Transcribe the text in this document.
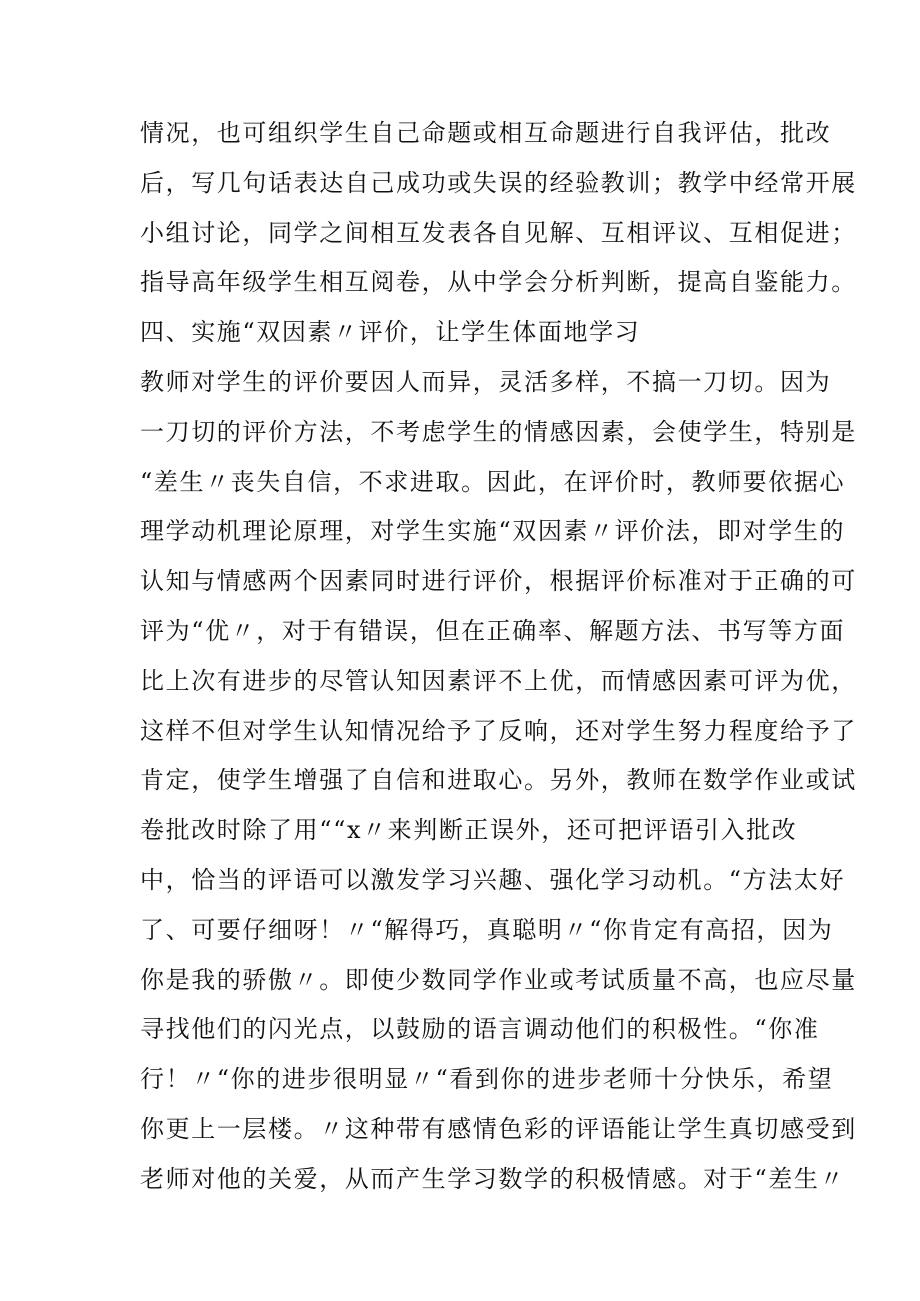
情况，也可组织学生自己命题或相互命题进行自我评估，批改
后，写几句话表达自己成功或失误的经验教训；教学中经常开展
小组讨论，同学之间相互发表各自见解、互相评议、互相促进；
指导高年级学生相互阅卷，从中学会分析判断，提高自鉴能力。
四、实施“双因素〃评价，让学生体面地学习
教师对学生的评价要因人而异，灵活多样，不搞一刀切。因为
一刀切的评价方法，不考虑学生的情感因素，会使学生，特别是
“差生〃丧失自信，不求进取。因此，在评价时，教师要依据心
理学动机理论原理，对学生实施“双因素〃评价法，即对学生的
认知与情感两个因素同时进行评价，根据评价标准对于正确的可
评为“优〃，对于有错误，但在正确率、解题方法、书写等方面
比上次有进步的尽管认知因素评不上优，而情感因素可评为优，
这样不但对学生认知情况给予了反响，还对学生努力程度给予了
肯定，使学生增强了自信和进取心。另外，教师在数学作业或试
卷批改时除了用““x〃来判断正误外，还可把评语引入批改
中，恰当的评语可以激发学习兴趣、强化学习动机。“方法太好
了、可要仔细呀！〃“解得巧，真聪明〃“你肯定有高招，因为
你是我的骄傲〃。即使少数同学作业或考试质量不高，也应尽量
寻找他们的闪光点，以鼓励的语言调动他们的积极性。“你准
行！〃“你的进步很明显〃“看到你的进步老师十分快乐，希望
你更上一层楼。〃这种带有感情色彩的评语能让学生真切感受到
老师对他的关爱，从而产生学习数学的积极情感。对于“差生〃
